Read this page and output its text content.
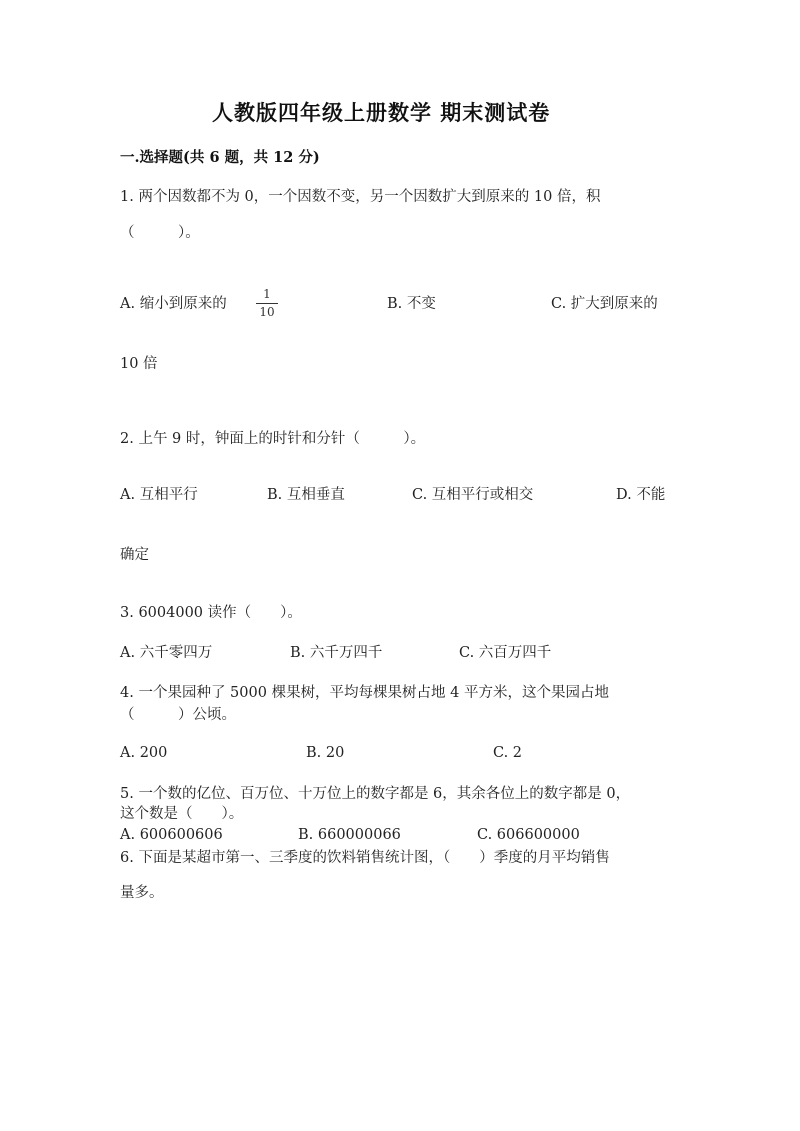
人教版四年级上册数学 期末测试卷
一.选择题(共 6 题，共 12 分)
1. 两个因数都不为 0，一个因数不变，另一个因数扩大到原来的 10 倍，积
（　　　）。
A. 缩小到原来的
1
10	B. 不变	C. 扩大到原来的
10 倍
2. 上午 9 时，钟面上的时针和分针（　　　）。
A. 互相平行	B. 互相垂直	C. 互相平行或相交	D. 不能
确定
3. 6004000 读作（　　）。
A. 六千零四万	B. 六千万四千	C. 六百万四千
4. 一个果园种了 5000 棵果树，平均每棵果树占地 4 平方米，这个果园占地
（　　　）公顷。
A. 200	B. 20	C. 2
5. 一个数的亿位、百万位、十万位上的数字都是 6，其余各位上的数字都是 0，
这个数是（　　）。
A. 600600606	B. 660000066	C. 606600000
6. 下面是某超市第一、三季度的饮料销售统计图，（　　）季度的月平均销售
量多。
